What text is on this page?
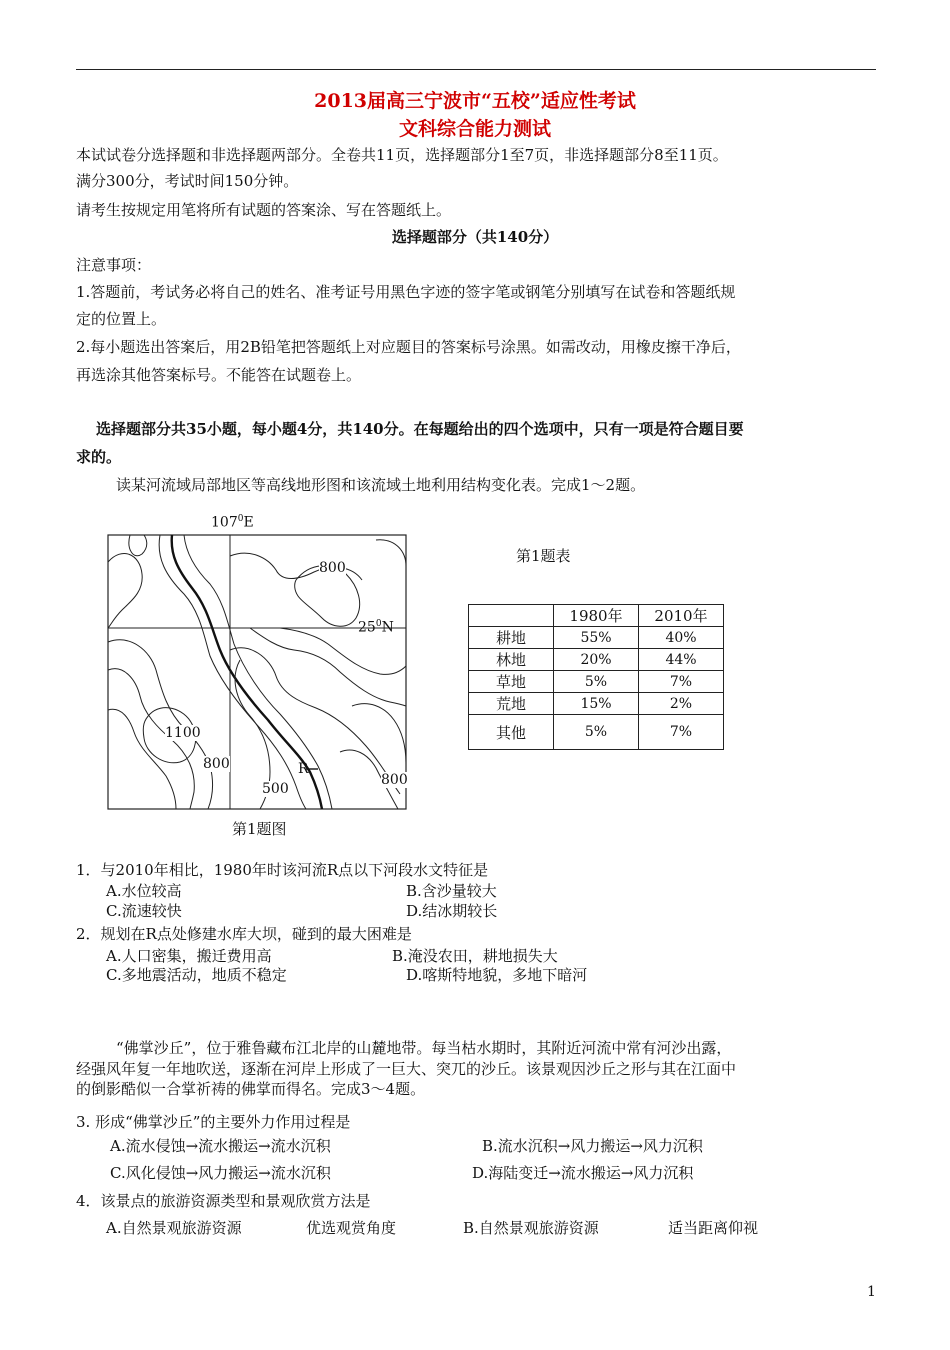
2013届高三宁波市“五校”适应性考试
文科综合能力测试
本试试卷分选择题和非选择题两部分。全卷共11页，选择题部分1至7页，非选择题部分8至11页。
满分300分，考试时间150分钟。
请考生按规定用笔将所有试题的答案涂、写在答题纸上。
选择题部分（共140分）
注意事项：
1.答题前，考试务必将自己的姓名、准考证号用黑色字迹的签字笔或钢笔分别填写在试卷和答题纸规
定的位置上。
2.每小题选出答案后，用2B铅笔把答题纸上对应题目的答案标号涂黑。如需改动，用橡皮擦干净后，
再选涂其他答案标号。不能答在试题卷上。
选择题部分共35小题，每小题4分，共140分。在每题给出的四个选项中，只有一项是符合题目要
求的。
读某河流域局部地区等高线地形图和该流域土地利用结构变化表。完成1～2题。
$107^0E$
$25^0N$
800
1100
800
500
800
R
第1题图
第1题表
	1980年	2010年
耕地	55%	40%
林地	20%	44%
草地	5%	7%
荒地	15%	2%
其他	5%	7%
1．与2010年相比，1980年时该河流R点以下河段水文特征是
A.水位较高	B.含沙量较大
C.流速较快	D.结冰期较长
2．规划在R点处修建水库大坝，碰到的最大困难是
A.人口密集，搬迁费用高	B.淹没农田，耕地损失大
C.多地震活动，地质不稳定	D.喀斯特地貌，多地下暗河
“佛掌沙丘”，位于雅鲁藏布江北岸的山麓地带。每当枯水期时，其附近河流中常有河沙出露，
经强风年复一年地吹送，逐渐在河岸上形成了一巨大、突兀的沙丘。该景观因沙丘之形与其在江面中
的倒影酷似一合掌祈祷的佛掌而得名。完成3～4题。
3. 形成“佛掌沙丘”的主要外力作用过程是
A.流水侵蚀→流水搬运→流水沉积	B.流水沉积→风力搬运→风力沉积
C.风化侵蚀→风力搬运→流水沉积	D.海陆变迁→流水搬运→风力沉积
4．该景点的旅游资源类型和景观欣赏方法是
A.自然景观旅游资源	优选观赏角度	B.自然景观旅游资源	适当距离仰视
1
